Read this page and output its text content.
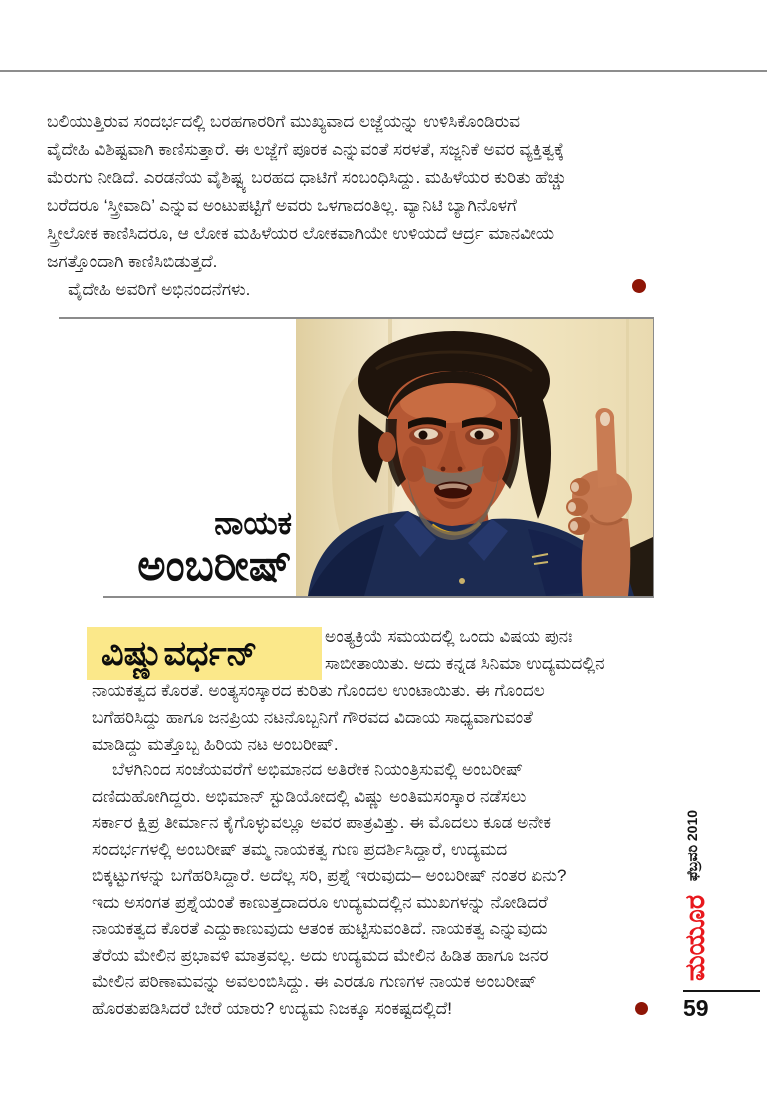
ಬಲಿಯುತ್ತಿರುವ ಸಂದರ್ಭದಲ್ಲಿ ಬರಹಗಾರರಿಗೆ ಮುಖ್ಯವಾದ ಲಜ್ಜೆಯನ್ನು ಉಳಿಸಿಕೊಂಡಿರುವ
ವೈದೇಹಿ ವಿಶಿಷ್ಟವಾಗಿ ಕಾಣಿಸುತ್ತಾರೆ. ಈ ಲಜ್ಜೆಗೆ ಪೂರಕ ಎನ್ನುವಂತೆ ಸರಳತೆ, ಸಜ್ಜನಿಕೆ ಅವರ ವ್ಯಕ್ತಿತ್ವಕ್ಕೆ
ಮೆರುಗು ನೀಡಿದೆ. ಎರಡನೆಯ ವೈಶಿಷ್ಟ್ಯ ಬರಹದ ಧಾಟಿಗೆ ಸಂಬಂಧಿಸಿದ್ದು. ಮಹಿಳೆಯರ ಕುರಿತು ಹೆಚ್ಚು
ಬರೆದರೂ ‘ಸ್ತ್ರೀವಾದಿ’ ಎನ್ನುವ ಅಂಟುಪಟ್ಟಿಗೆ ಅವರು ಒಳಗಾದಂತಿಲ್ಲ. ವ್ಯಾನಿಟಿ ಬ್ಯಾಗಿನೊಳಗೆ
ಸ್ತ್ರೀಲೋಕ ಕಾಣಿಸಿದರೂ, ಆ ಲೋಕ ಮಹಿಳೆಯರ ಲೋಕವಾಗಿಯೇ ಉಳಿಯದೆ ಆರ್ದ್ರ ಮಾನವೀಯ
ಜಗತ್ತೊಂದಾಗಿ ಕಾಣಿಸಿಬಿಡುತ್ತದೆ.
ವೈದೇಹಿ ಅವರಿಗೆ ಅಭಿನಂದನೆಗಳು.
ನಾಯಕ
ಅಂಬರೀಷ್
ವಿಷ್ಣುವರ್ಧನ್	ಅಂತ್ಯಕ್ರಿಯೆ ಸಮಯದಲ್ಲಿ ಒಂದು ವಿಷಯ ಪುನಃ
ಸಾಬೀತಾಯಿತು. ಅದು ಕನ್ನಡ ಸಿನಿಮಾ ಉದ್ಯಮದಲ್ಲಿನ
ನಾಯಕತ್ವದ ಕೊರತೆ. ಅಂತ್ಯಸಂಸ್ಕಾರದ ಕುರಿತು ಗೊಂದಲ ಉಂಟಾಯಿತು. ಈ ಗೊಂದಲ
ಬಗೆಹರಿಸಿದ್ದು ಹಾಗೂ ಜನಪ್ರಿಯ ನಟನೊಬ್ಬನಿಗೆ ಗೌರವದ ವಿದಾಯ ಸಾಧ್ಯವಾಗುವಂತೆ
ಮಾಡಿದ್ದು ಮತ್ತೊಬ್ಬ ಹಿರಿಯ ನಟ ಅಂಬರೀಷ್.
ಬೆಳಗಿನಿಂದ ಸಂಜೆಯವರೆಗೆ ಅಭಿಮಾನದ ಅತಿರೇಕ ನಿಯಂತ್ರಿಸುವಲ್ಲಿ ಅಂಬರೀಷ್
ದಣಿದುಹೋಗಿದ್ದರು. ಅಭಿಮಾನ್ ಸ್ಟುಡಿಯೋದಲ್ಲಿ ವಿಷ್ಣು ಅಂತಿಮಸಂಸ್ಕಾರ ನಡೆಸಲು
ಸರ್ಕಾರ ಕ್ಷಿಪ್ರ ತೀರ್ಮಾನ ಕೈಗೊಳ್ಳುವಲ್ಲೂ ಅವರ ಪಾತ್ರವಿತ್ತು. ಈ ಮೊದಲು ಕೂಡ ಅನೇಕ
ಸಂದರ್ಭಗಳಲ್ಲಿ ಅಂಬರೀಷ್ ತಮ್ಮ ನಾಯಕತ್ವ ಗುಣ ಪ್ರದರ್ಶಿಸಿದ್ದಾರೆ, ಉದ್ಯಮದ
ಬಿಕ್ಕಟ್ಟುಗಳನ್ನು ಬಗೆಹರಿಸಿದ್ದಾರೆ. ಅದೆಲ್ಲ ಸರಿ, ಪ್ರಶ್ನೆ ಇರುವುದು– ಅಂಬರೀಷ್ ನಂತರ ಏನು?
ಇದು ಅಸಂಗತ ಪ್ರಶ್ನೆಯಂತೆ ಕಾಣುತ್ತದಾದರೂ ಉದ್ಯಮದಲ್ಲಿನ ಮುಖಗಳನ್ನು ನೋಡಿದರೆ
ನಾಯಕತ್ವದ ಕೊರತೆ ಎದ್ದುಕಾಣುವುದು ಆತಂಕ ಹುಟ್ಟಿಸುವಂತಿದೆ. ನಾಯಕತ್ವ ಎನ್ನುವುದು
ತೆರೆಯ ಮೇಲಿನ ಪ್ರಭಾವಳಿ ಮಾತ್ರವಲ್ಲ. ಅದು ಉದ್ಯಮದ ಮೇಲಿನ ಹಿಡಿತ ಹಾಗೂ ಜನರ
ಮೇಲಿನ ಪರಿಣಾಮವನ್ನು ಅವಲಂಬಿಸಿದ್ದು. ಈ ಎರಡೂ ಗುಣಗಳ ನಾಯಕ ಅಂಬರೀಷ್
ಹೊರತುಪಡಿಸಿದರೆ ಬೇರೆ ಯಾರು? ಉದ್ಯಮ ನಿಜಕ್ಕೂ ಸಂಕಷ್ಟದಲ್ಲಿದೆ!
ಫೆಬ್ರವರಿ 2010
ಮಯೂರ
59
